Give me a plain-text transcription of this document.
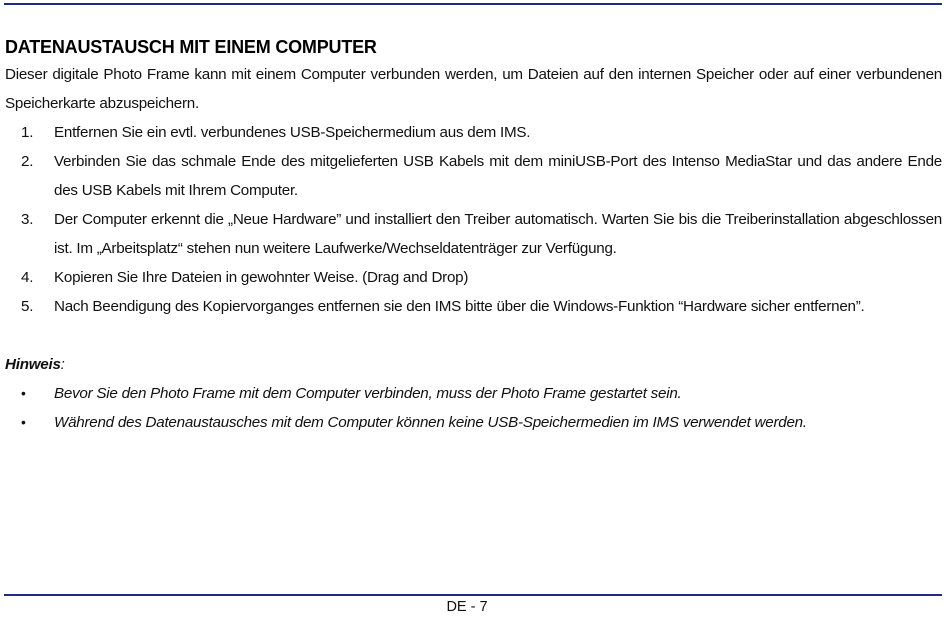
DATENAUSTAUSCH MIT EINEM COMPUTER

Dieser digitale Photo Frame kann mit einem Computer verbunden werden, um Dateien auf den internen Speicher oder auf einer verbundenen Speicherkarte abzuspeichern.

1. Entfernen Sie ein evtl. verbundenes USB-Speichermedium aus dem IMS.
2. Verbinden Sie das schmale Ende des mitgelieferten USB Kabels mit dem miniUSB-Port des Intenso MediaStar und das andere Ende des USB Kabels mit Ihrem Computer.
3. Der Computer erkennt die „Neue Hardware” und installiert den Treiber automatisch. Warten Sie bis die Treiberinstallation abgeschlossen ist. Im „Arbeitsplatz“ stehen nun weitere Laufwerke/Wechseldatenträger zur Verfügung.
4. Kopieren Sie Ihre Dateien in gewohnter Weise. (Drag and Drop)
5. Nach Beendigung des Kopiervorganges entfernen sie den IMS bitte über die Windows-Funktion “Hardware sicher entfernen”.
Hinweis:
• Bevor Sie den Photo Frame mit dem Computer verbinden, muss der Photo Frame gestartet sein.
• Während des Datenaustausches mit dem Computer können keine USB-Speichermedien im IMS verwendet werden.
DE - 7
